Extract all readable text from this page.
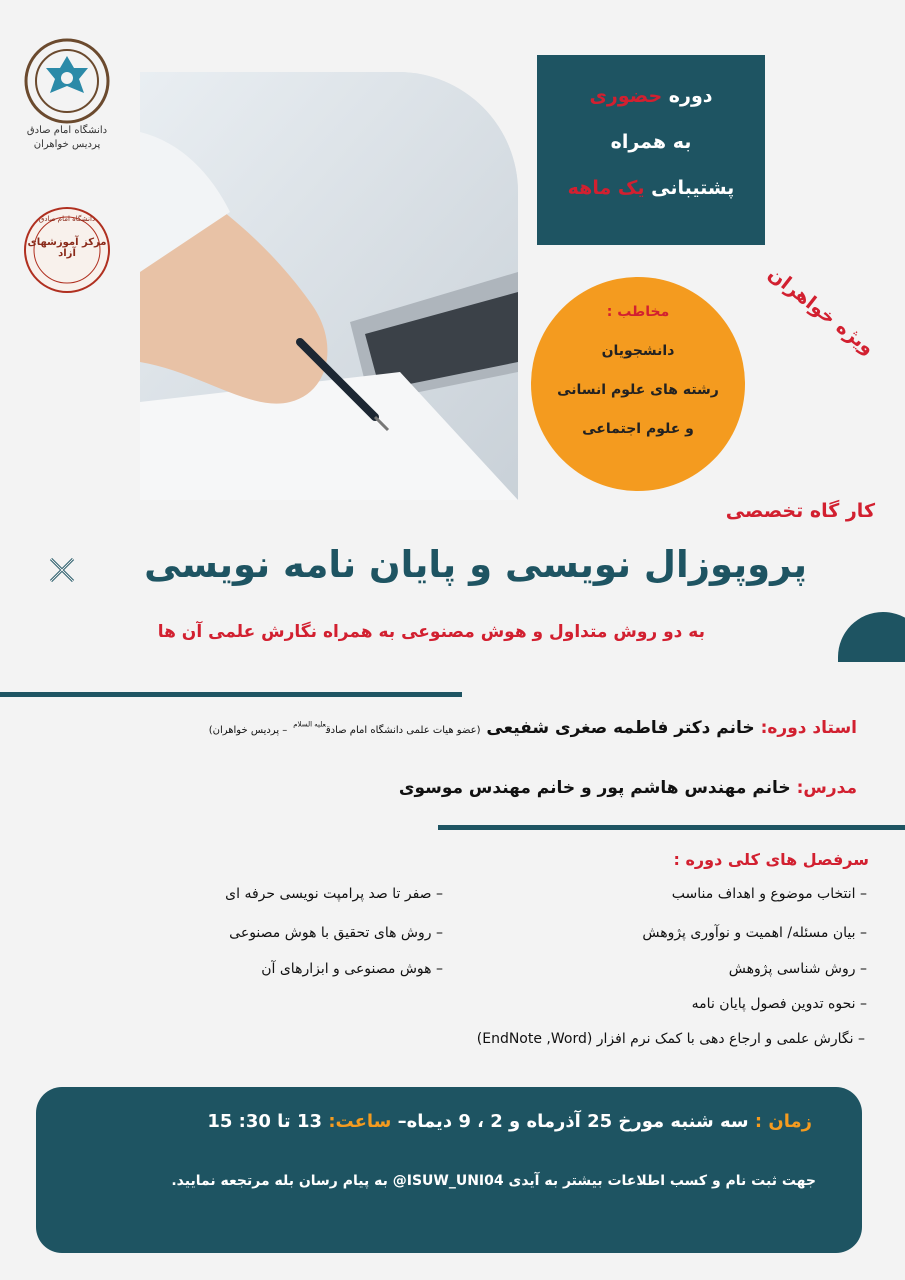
دانشگاه امام صادق
پردیس خواهران
مرکز آموزشهای آزاد
دانشگاه امام صادق
دوره حضوری
به همراه
پشتیبانی یک ماهه
ویژه خواهران
مخاطب :
دانشجویان
رشته های علوم انسانی
و علوم اجتماعی
کار گاه تخصصی
پروپوزال نویسی و پایان نامه نویسی
به دو روش متداول و هوش مصنوعی به همراه نگارش علمی آن ها
استاد دوره: خانم دکتر فاطمه صغری شفیعی (عضو هیات علمی دانشگاه امام صادق$^{علیه السلام}$ – پردیس خواهران)
مدرس: خانم مهندس هاشم پور و خانم مهندس موسوی
سرفصل های کلی دوره :
– انتخاب موضوع و اهداف مناسب
– بیان مسئله/ اهمیت و نوآوری پژوهش
– روش شناسی پژوهش
– نحوه تدوین فصول پایان نامه
– نگارش علمی و ارجاع دهی با کمک نرم افزار (EndNote ,Word)
– صفر تا صد پرامپت نویسی حرفه ای
– روش های تحقیق با هوش مصنوعی
– هوش مصنوعی و ابزارهای آن
زمان : سه شنبه مورخ 25 آذرماه و 2 ، 9 دیماه– ساعت: 13 تا 30: 15
جهت ثبت نام و کسب اطلاعات بیشتر به آیدی ISUW_UNI04@ به پیام رسان بله مرتجعه نمایید.
